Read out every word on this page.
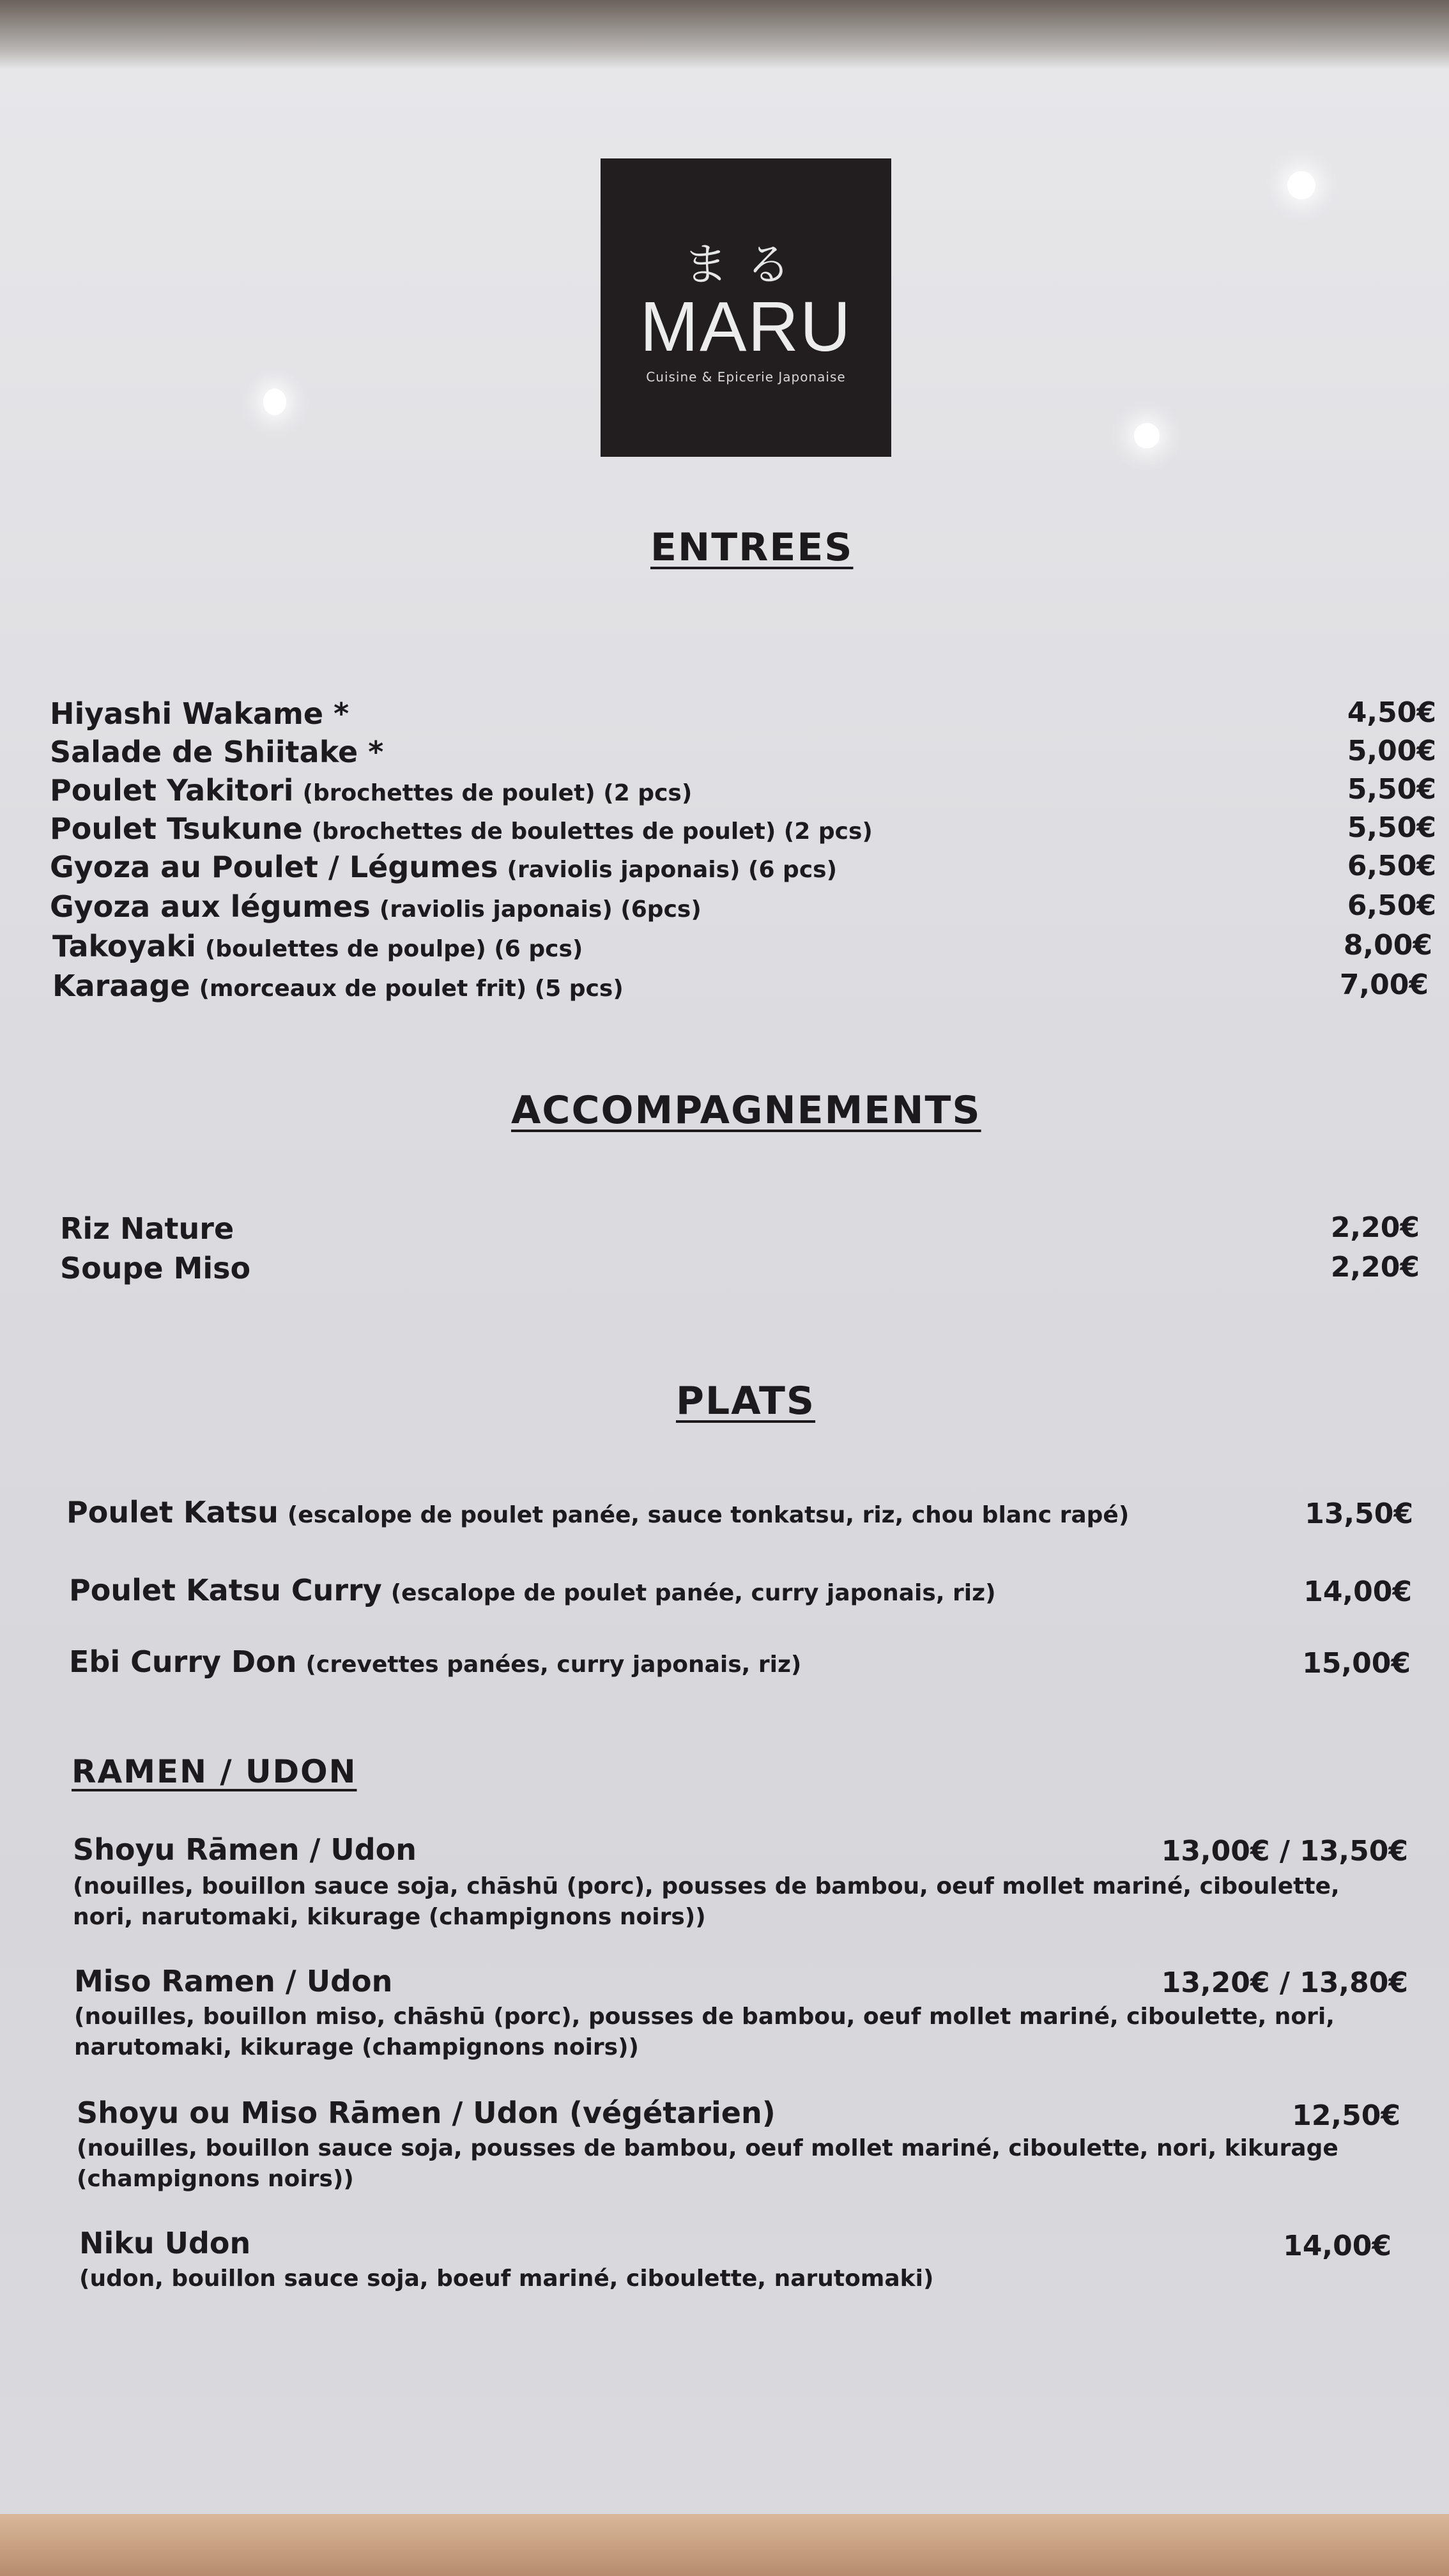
まる
MARU
Cuisine & Epicerie Japonaise
ENTREES
Hiyashi Wakame *	4,50€
Salade de Shiitake *	5,00€
Poulet Yakitori (brochettes de poulet) (2 pcs)	5,50€
Poulet Tsukune (brochettes de boulettes de poulet) (2 pcs)	5,50€
Gyoza au Poulet / Légumes (raviolis japonais) (6 pcs)	6,50€
Gyoza aux légumes (raviolis japonais) (6pcs)	6,50€
Takoyaki (boulettes de poulpe) (6 pcs)	8,00€
Karaage (morceaux de poulet frit) (5 pcs)	7,00€
ACCOMPAGNEMENTS
Riz Nature	2,20€
Soupe Miso	2,20€
PLATS
Poulet Katsu (escalope de poulet panée, sauce tonkatsu, riz, chou blanc rapé)	13,50€
Poulet Katsu Curry (escalope de poulet panée, curry japonais, riz)	14,00€
Ebi Curry Don (crevettes panées, curry japonais, riz)	15,00€
RAMEN / UDON
Shoyu Rāmen / Udon	13,00€ / 13,50€
(nouilles, bouillon sauce soja, chāshū (porc), pousses de bambou, oeuf mollet mariné, ciboulette,
nori, narutomaki, kikurage (champignons noirs))
Miso Ramen / Udon	13,20€ / 13,80€
(nouilles, bouillon miso, chāshū (porc), pousses de bambou, oeuf mollet mariné, ciboulette, nori,
narutomaki, kikurage (champignons noirs))
Shoyu ou Miso Rāmen / Udon (végétarien)	12,50€
(nouilles, bouillon sauce soja, pousses de bambou, oeuf mollet mariné, ciboulette, nori, kikurage
(champignons noirs))
Niku Udon	14,00€
(udon, bouillon sauce soja, boeuf mariné, ciboulette, narutomaki)
